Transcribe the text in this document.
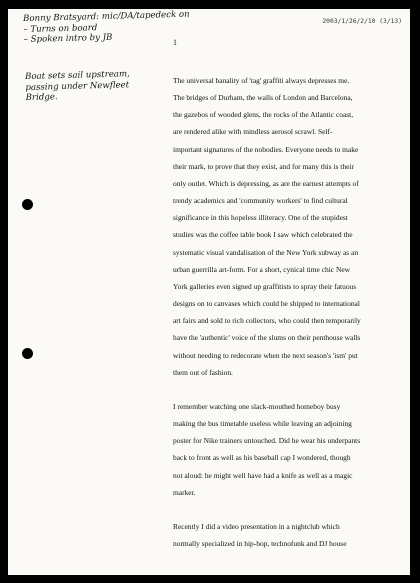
Bonny Bratsyard: mic/DA/tapedeck on
– Turns on board
– Spoken intro by JB
2003/1/26/2/10 (3/13)
Boat sets sail upstream,
passing under Newfleet
Bridge.
1
The universal banality of 'tag' graffiti always depresses me.
The bridges of Durham, the walls of London and Barcelona,
the gazebos of wooded glens, the rocks of the Atlantic coast,
are rendered alike with mindless aerosol scrawl. Self-
important signatures of the nobodies. Everyone needs to make
their mark, to prove that they exist, and for many this is their
only outlet. Which is depressing, as are the earnest attempts of
trendy academics and 'community workers' to find cultural
significance in this hopeless illiteracy. One of the stupidest
studies was the coffee table book I saw which celebrated the
systematic visual vandalisation of the New York subway as an
urban guerrilla art-form. For a short, cynical time chic New
York galleries even signed up graffitists to spray their fatuous
designs on to canvases which could be shipped to international
art fairs and sold to rich collectors, who could then temporarily
have the 'authentic' voice of the slums on their penthouse walls
without needing to redecorate when the next season's 'ism' put
them out of fashion.
I remember watching one slack-mouthed homeboy busy
making the bus timetable useless while leaving an adjoining
poster for Nike trainers untouched. Did he wear his underpants
back to front as well as his baseball cap I wondered, though
not aloud: he might well have had a knife as well as a magic
marker.
Recently I did a video presentation in a nightclub which
normally specialized in hip-hop, technofunk and DJ house
